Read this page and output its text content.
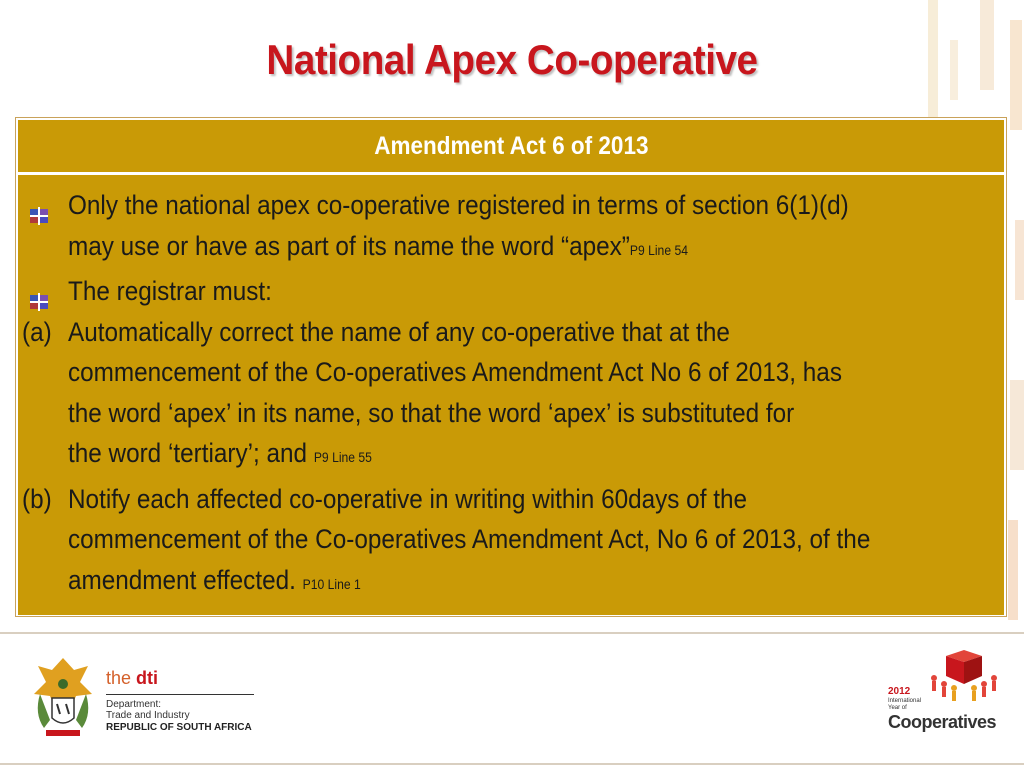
National Apex Co-operative
Amendment Act 6 of 2013
Only the national apex co-operative registered in terms of section 6(1)(d)
may use or have as part of its name the word “apex”P9 Line 54
The registrar must:
(a) Automatically correct the name of any co-operative that at the
commencement of the Co-operatives Amendment Act No 6 of 2013, has
the word ‘apex’ in its name, so that the word ‘apex’ is substituted for
the word ‘tertiary’; and P9 Line 55
(b) Notify each affected co-operative in writing within 60days of the
commencement of the Co-operatives Amendment Act, No 6 of 2013, of the
amendment effected. P10 Line 1
the dti
Department:
Trade and Industry
REPUBLIC OF SOUTH AFRICA
2012
International Year of
Cooperatives
